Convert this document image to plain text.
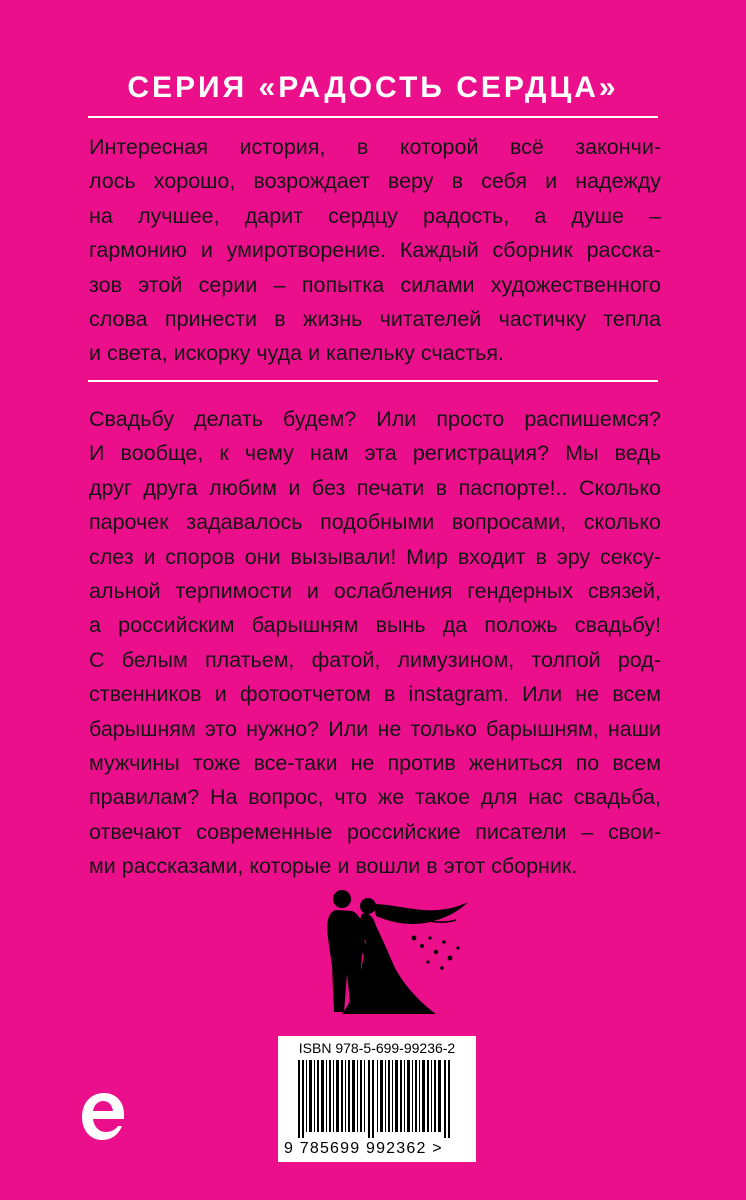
СЕРИЯ «РАДОСТЬ СЕРДЦА»

Интересная история, в которой всё закончи-
лось хорошо, возрождает веру в себя и надежду
на лучшее, дарит сердцу радость, а душе –
гармонию и умиротворение. Каждый сборник расска-
зов этой серии – попытка силами художественного
слова принести в жизнь читателей частичку тепла
и света, искорку чуда и капельку счастья.

Свадьбу делать будем? Или просто распишемся?
И вообще, к чему нам эта регистрация? Мы ведь
друг друга любим и без печати в паспорте!.. Сколько
парочек задавалось подобными вопросами, сколько
слез и споров они вызывали! Мир входит в эру сексу-
альной терпимости и ослабления гендерных связей,
а российским барышням вынь да положь свадьбу!
С белым платьем, фатой, лимузином, толпой род-
ственников и фотоотчетом в instagram. Или не всем
барышням это нужно? Или не только барышням, наши
мужчины тоже все-таки не против жениться по всем
правилам? На вопрос, что же такое для нас свадьба,
отвечают современные российские писатели – свои-
ми рассказами, которые и вошли в этот сборник.

ISBN 978-5-699-99236-2
9 785699 992362 >
